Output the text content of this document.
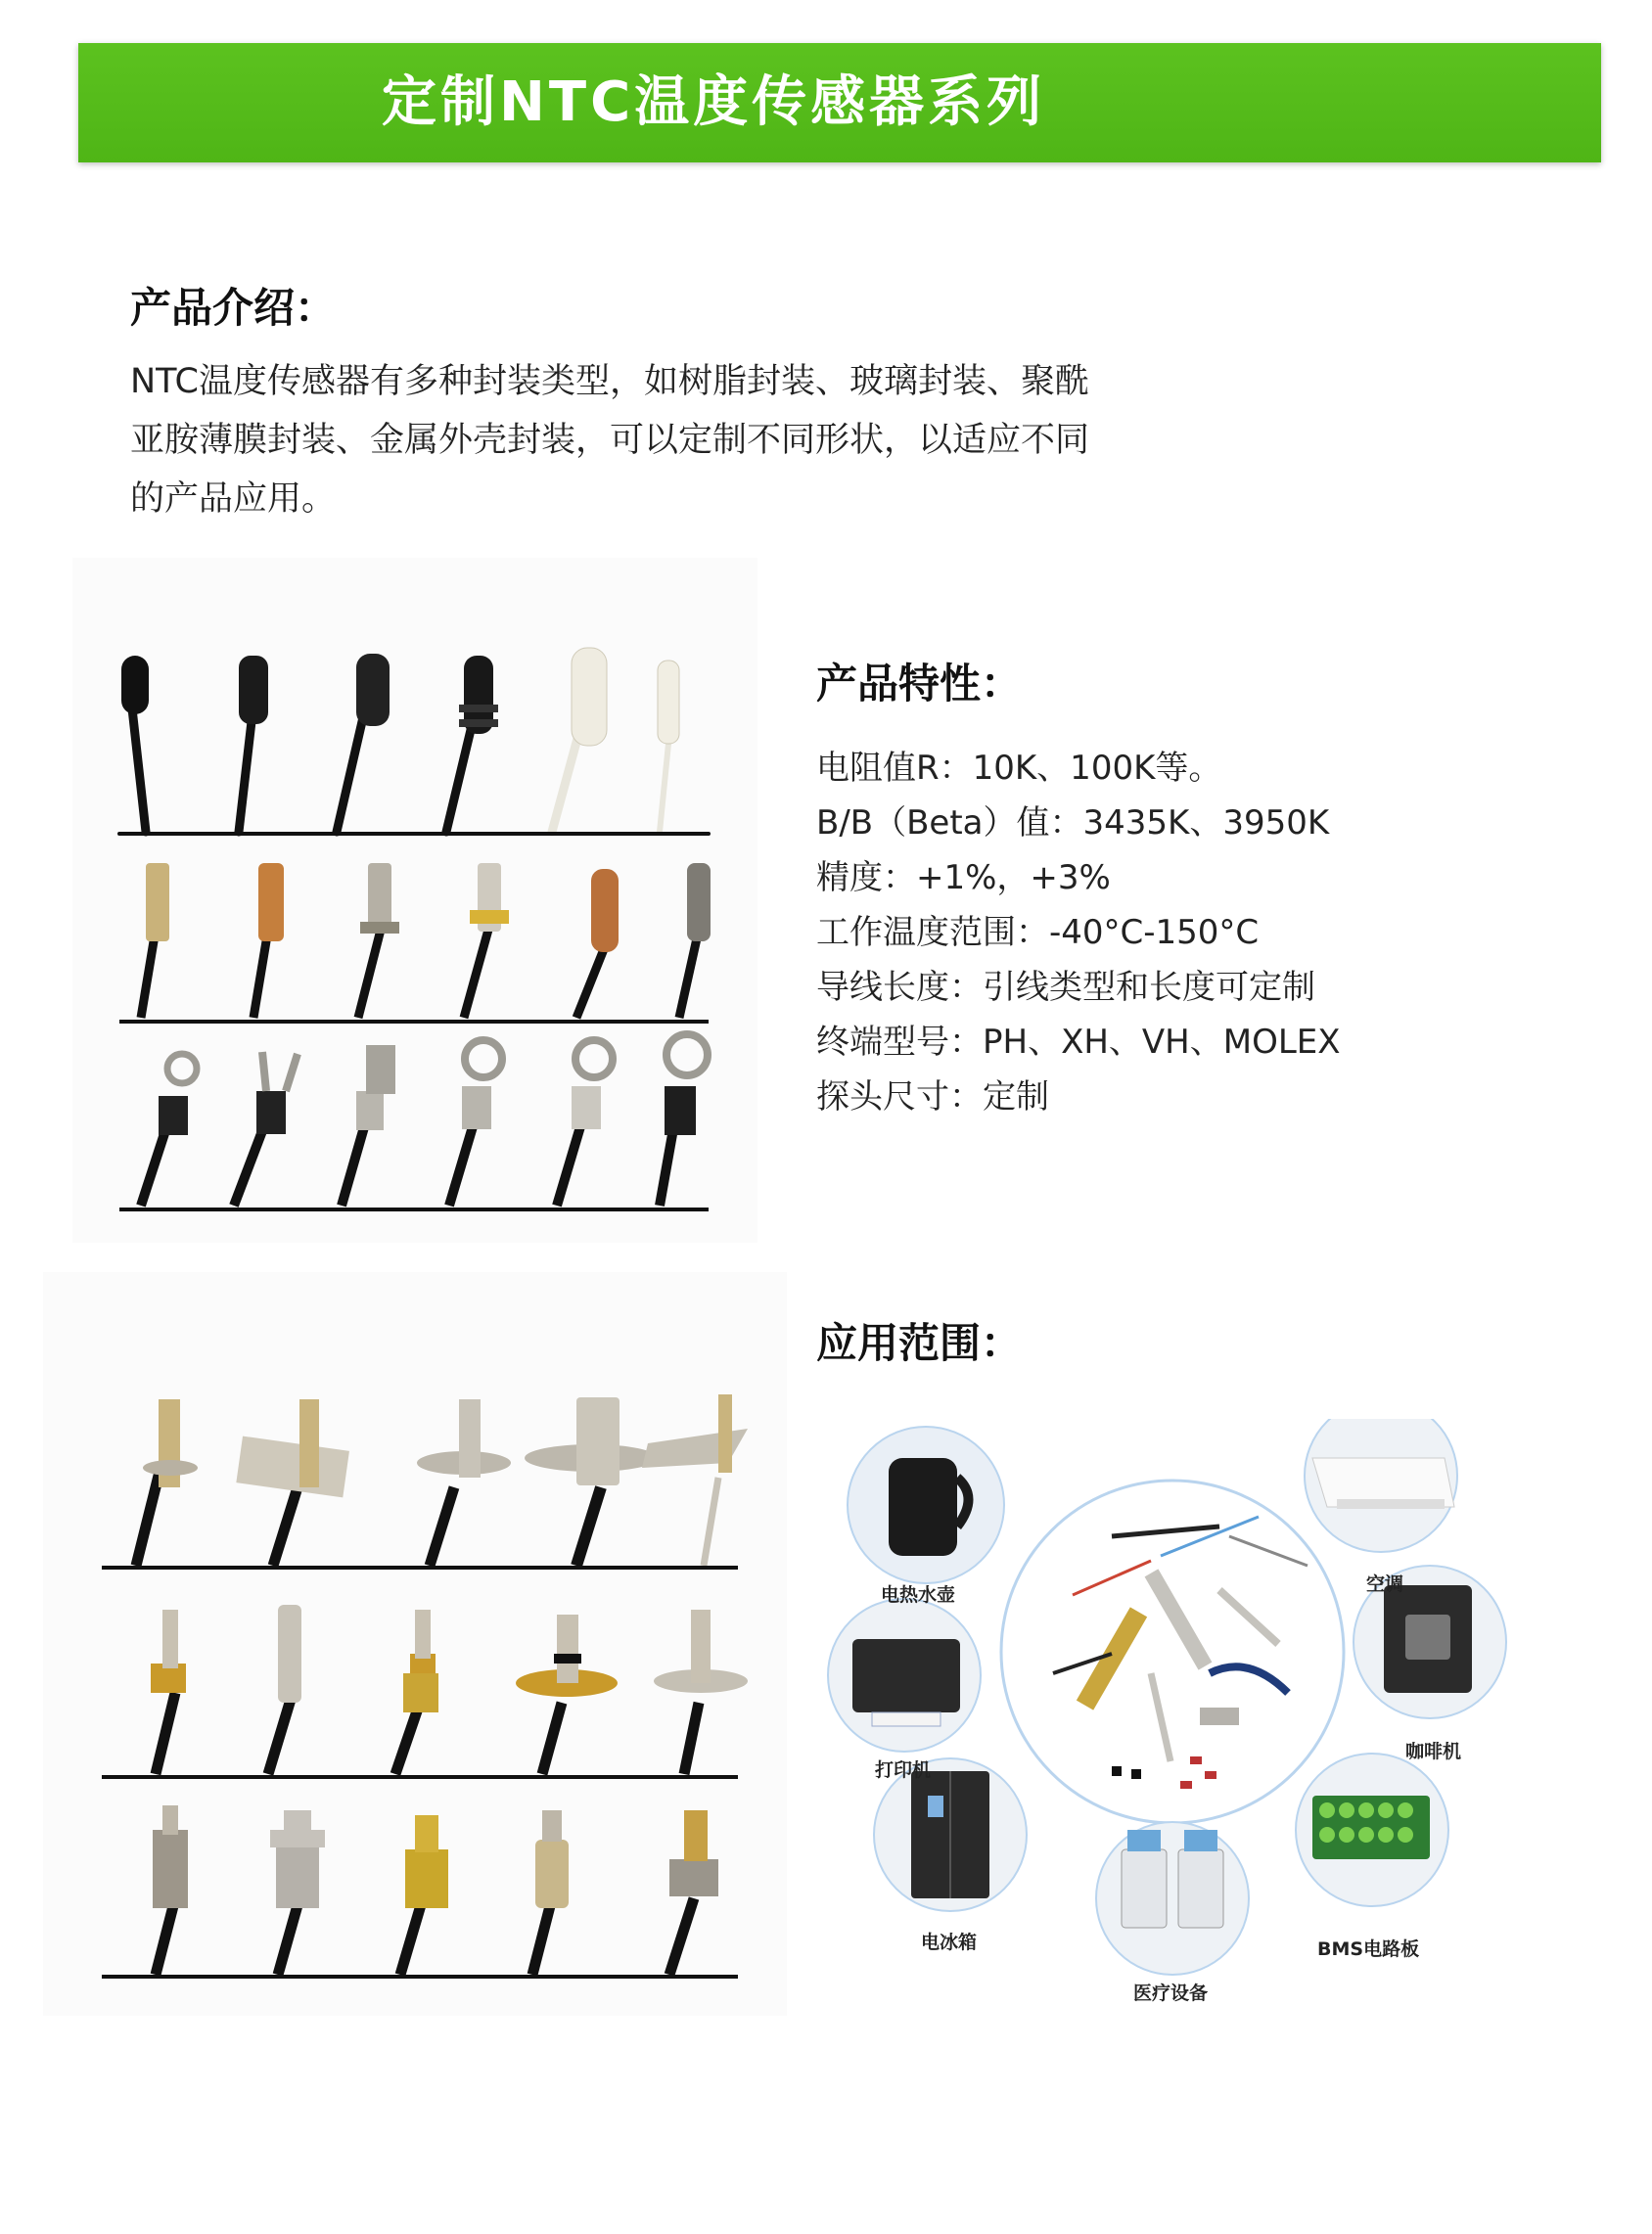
定制NTC温度传感器系列
产品介绍：
NTC温度传感器有多种封装类型，如树脂封装、玻璃封装、聚酰
亚胺薄膜封装、金属外壳封装，可以定制不同形状，以适应不同
的产品应用。
产品特性：
电阻值R：10K、100K等。
B/B（Beta）值：3435K、3950K
精度：+1%，+3%
工作温度范围：-40°C-150°C
导线长度：引线类型和长度可定制
终端型号：PH、XH、VH、MOLEX
探头尺寸：定制
应用范围：
电热水壶	空调
打印机
咖啡机
电冰箱
医疗设备
BMS电路板
